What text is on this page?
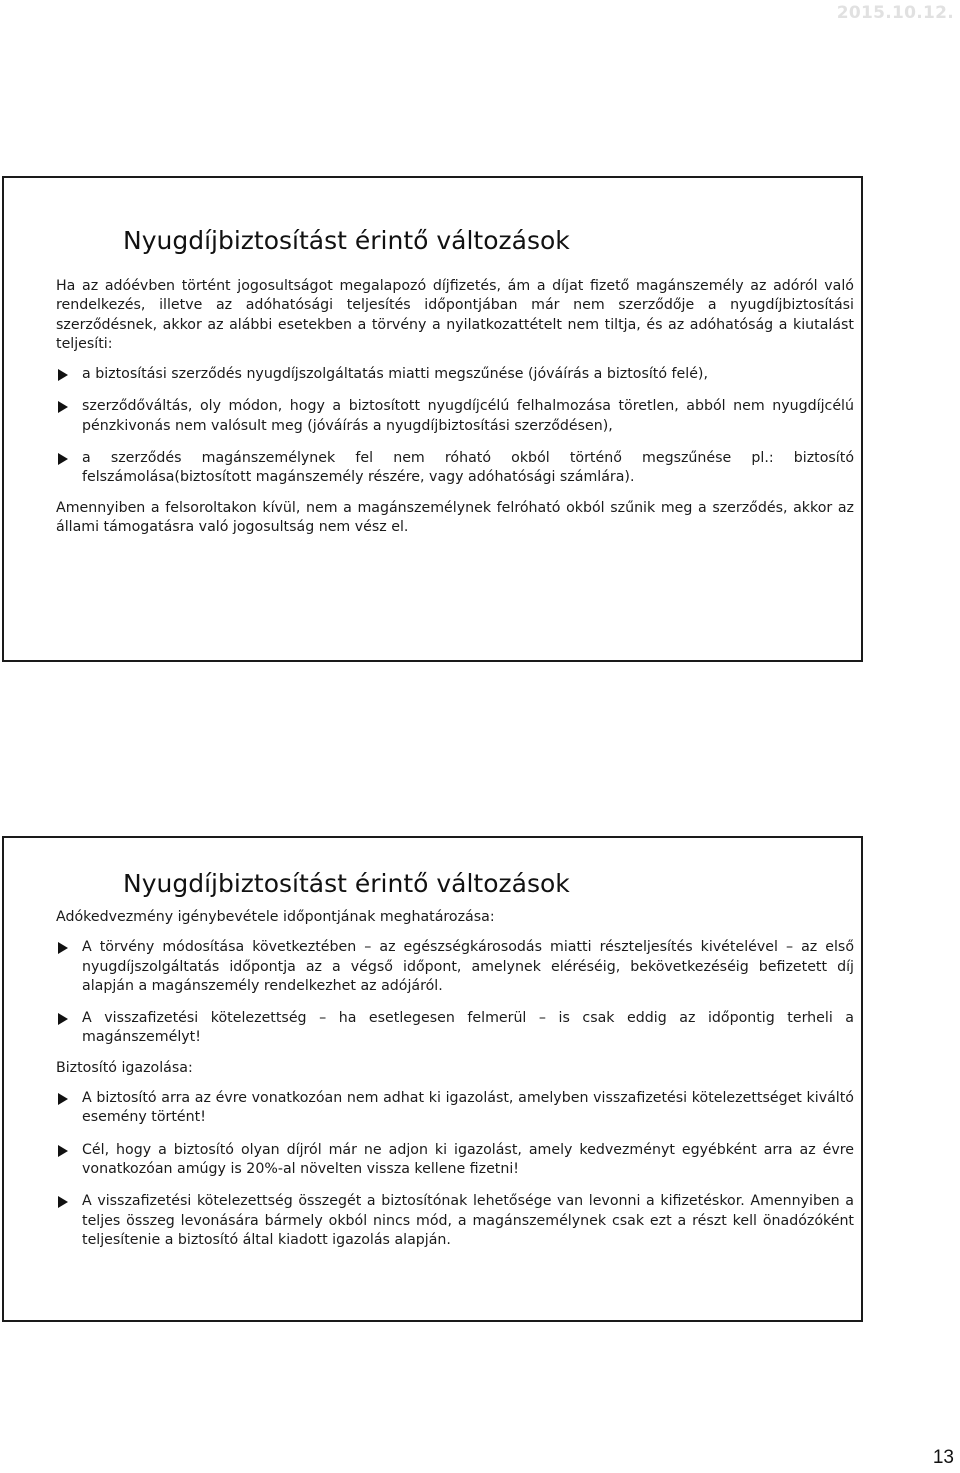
2015.10.12.
Nyugdíjbiztosítást érintő változások

Ha az adóévben történt jogosultságot megalapozó díjfizetés, ám a díjat fizető magánszemély az adóról való rendelkezés, illetve az adóhatósági teljesítés időpontjában már nem szerződője a nyugdíjbiztosítási szerződésnek, akkor az alábbi esetekben a törvény a nyilatkozattételt nem tiltja, és az adóhatóság a kiutalást teljesíti:

a biztosítási szerződés nyugdíjszolgáltatás miatti megszűnése (jóváírás a biztosító felé),
szerződőváltás, oly módon, hogy a biztosított nyugdíjcélú felhalmozása töretlen, abból nem nyugdíjcélú pénzkivonás nem valósult meg (jóváírás a nyugdíjbiztosítási szerződésen),
a szerződés magánszemélynek fel nem róható okból történő megszűnése pl.: biztosító felszámolása(biztosított magánszemély részére, vagy adóhatósági számlára).

Amennyiben a felsoroltakon kívül, nem a magánszemélynek felróható okból szűnik meg a szerződés, akkor az állami támogatásra való jogosultság nem vész el.

Nyugdíjbiztosítást érintő változások

Adókedvezmény igénybevétele időpontjának meghatározása:

A törvény módosítása következtében – az egészségkárosodás miatti részteljesítés kivételével – az első nyugdíjszolgáltatás időpontja az a végső időpont, amelynek eléréséig, bekövetkezéséig befizetett díj alapján a magánszemély rendelkezhet az adójáról.
A visszafizetési kötelezettség – ha esetlegesen felmerül – is csak eddig az időpontig terheli a magánszemélyt!

Biztosító igazolása:

A biztosító arra az évre vonatkozóan nem adhat ki igazolást, amelyben visszafizetési kötelezettséget kiváltó esemény történt!
Cél, hogy a biztosító olyan díjról már ne adjon ki igazolást, amely kedvezményt egyébként arra az évre vonatkozóan amúgy is 20%-al növelten vissza kellene fizetni!
A visszafizetési kötelezettség összegét a biztosítónak lehetősége van levonni a kifizetéskor. Amennyiben a teljes összeg levonására bármely okból nincs mód, a magánszemélynek csak ezt a részt kell önadózóként teljesítenie a biztosító által kiadott igazolás alapján.
13
